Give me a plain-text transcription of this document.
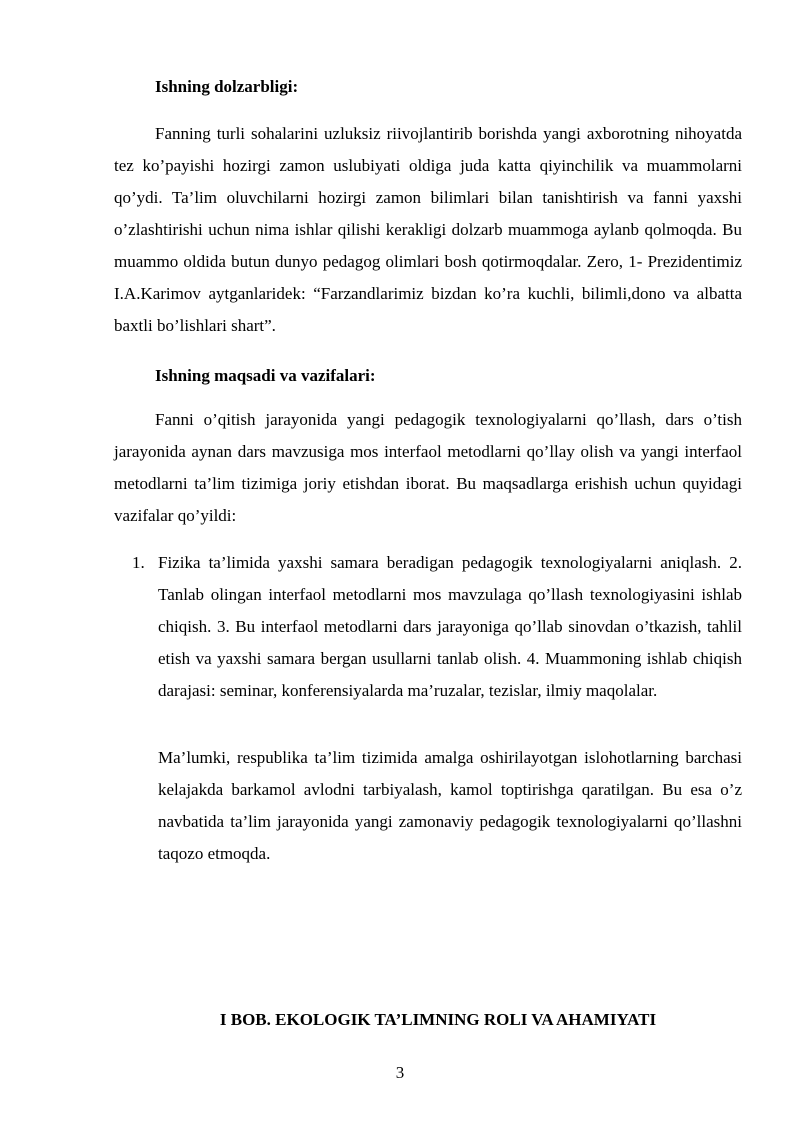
Ishning dolzarbligi:

Fanning turli sohalarini uzluksiz riivojlantirib borishda yangi axborotning nihoyatda tez ko’payishi hozirgi zamon uslubiyati oldiga juda katta qiyinchilik va muammolarni qo’ydi. Ta’lim oluvchilarni hozirgi zamon bilimlari bilan tanishtirish va fanni yaxshi o’zlashtirishi uchun nima ishlar qilishi kerakligi dolzarb muammoga aylanb qolmoqda. Bu muammo oldida butun dunyo pedagog olimlari bosh qotirmoqdalar. Zero, 1- Prezidentimiz I.A.Karimov aytganlaridek: “Farzandlarimiz bizdan ko’ra kuchli, bilimli,dono va albatta baxtli bo’lishlari shart”.

Ishning maqsadi va vazifalari:

Fanni o’qitish jarayonida yangi pedagogik texnologiyalarni qo’llash, dars o’tish jarayonida aynan dars mavzusiga mos interfaol metodlarni qo’llay olish va yangi interfaol metodlarni ta’lim tizimiga joriy etishdan iborat. Bu maqsadlarga erishish uchun quyidagi vazifalar qo’yildi:

1. Fizika ta’limida yaxshi samara beradigan pedagogik texnologiyalarni aniqlash. 2. Tanlab olingan interfaol metodlarni mos mavzulaga qo’llash texnologiyasini ishlab chiqish. 3. Bu interfaol metodlarni dars jarayoniga qo’llab sinovdan o’tkazish, tahlil etish va yaxshi samara bergan usullarni tanlab olish. 4. Muammoning ishlab chiqish darajasi: seminar, konferensiyalarda ma’ruzalar, tezislar, ilmiy maqolalar.

Ma’lumki, respublika ta’lim tizimida amalga oshirilayotgan islohotlarning barchasi kelajakda barkamol avlodni tarbiyalash, kamol toptirishga qaratilgan. Bu esa o’z navbatida ta’lim jarayonida yangi zamonaviy pedagogik texnologiyalarni qo’llashni taqozo etmoqda.

I BOB. EKOLOGIK TA’LIMNING ROLI VA AHAMIYATI
3
